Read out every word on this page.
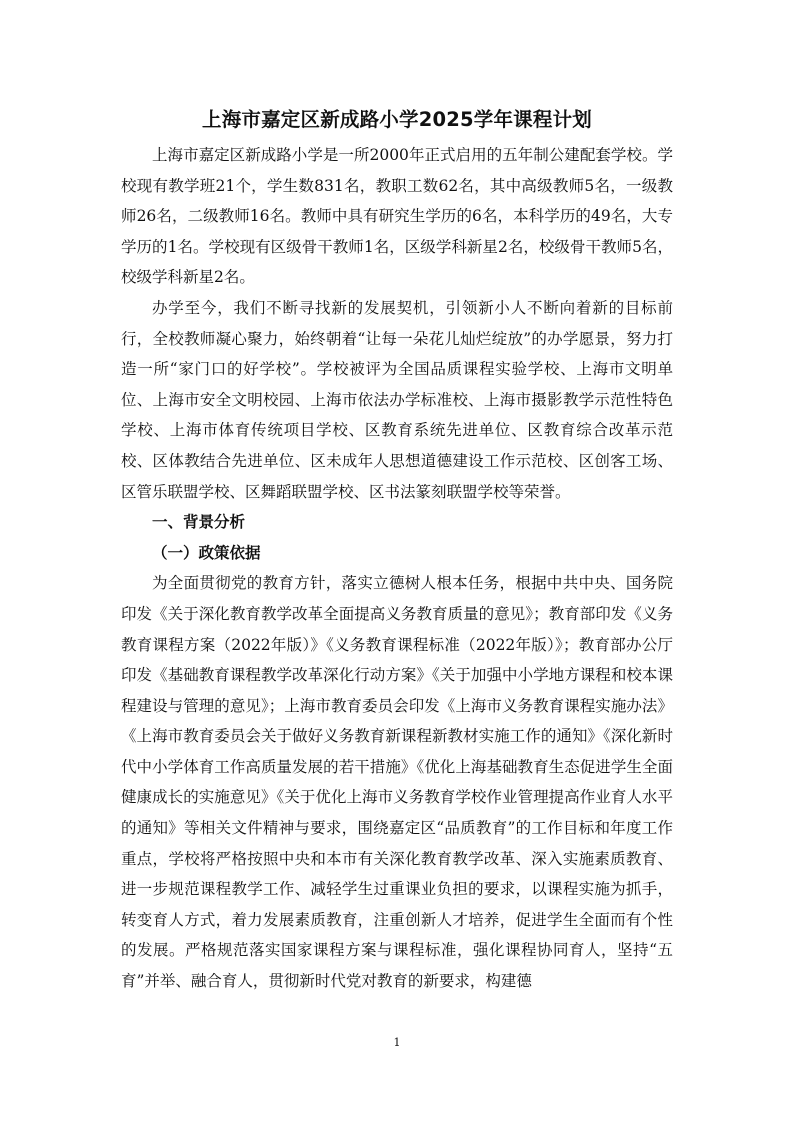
上海市嘉定区新成路小学2025学年课程计划

上海市嘉定区新成路小学是一所2000年正式启用的五年制公建配套学校。学校现有教学班21个，学生数831名，教职工数62名，其中高级教师5名，一级教师26名，二级教师16名。教师中具有研究生学历的6名，本科学历的49名，大专学历的1名。学校现有区级骨干教师1名，区级学科新星2名，校级骨干教师5名，校级学科新星2名。

办学至今，我们不断寻找新的发展契机，引领新小人不断向着新的目标前行，全校教师凝心聚力，始终朝着“让每一朵花儿灿烂绽放”的办学愿景，努力打造一所“家门口的好学校”。学校被评为全国品质课程实验学校、上海市文明单位、上海市安全文明校园、上海市依法办学标准校、上海市摄影教学示范性特色学校、上海市体育传统项目学校、区教育系统先进单位、区教育综合改革示范校、区体教结合先进单位、区未成年人思想道德建设工作示范校、区创客工场、区管乐联盟学校、区舞蹈联盟学校、区书法篆刻联盟学校等荣誉。

一、背景分析

（一）政策依据

为全面贯彻党的教育方针，落实立德树人根本任务，根据中共中央、国务院印发《关于深化教育教学改革全面提高义务教育质量的意见》；教育部印发《义务教育课程方案（2022年版）》《义务教育课程标准（2022年版）》；教育部办公厅印发《基础教育课程教学改革深化行动方案》《关于加强中小学地方课程和校本课程建设与管理的意见》；上海市教育委员会印发《上海市义务教育课程实施办法》《上海市教育委员会关于做好义务教育新课程新教材实施工作的通知》《深化新时代中小学体育工作高质量发展的若干措施》《优化上海基础教育生态促进学生全面健康成长的实施意见》《关于优化上海市义务教育学校作业管理提高作业育人水平的通知》等相关文件精神与要求，围绕嘉定区“品质教育”的工作目标和年度工作重点，学校将严格按照中央和本市有关深化教育教学改革、深入实施素质教育、进一步规范课程教学工作、减轻学生过重课业负担的要求，以课程实施为抓手，转变育人方式，着力发展素质教育，注重创新人才培养，促进学生全面而有个性的发展。严格规范落实国家课程方案与课程标准，强化课程协同育人，坚持“五育”并举、融合育人，贯彻新时代党对教育的新要求，构建德

1
